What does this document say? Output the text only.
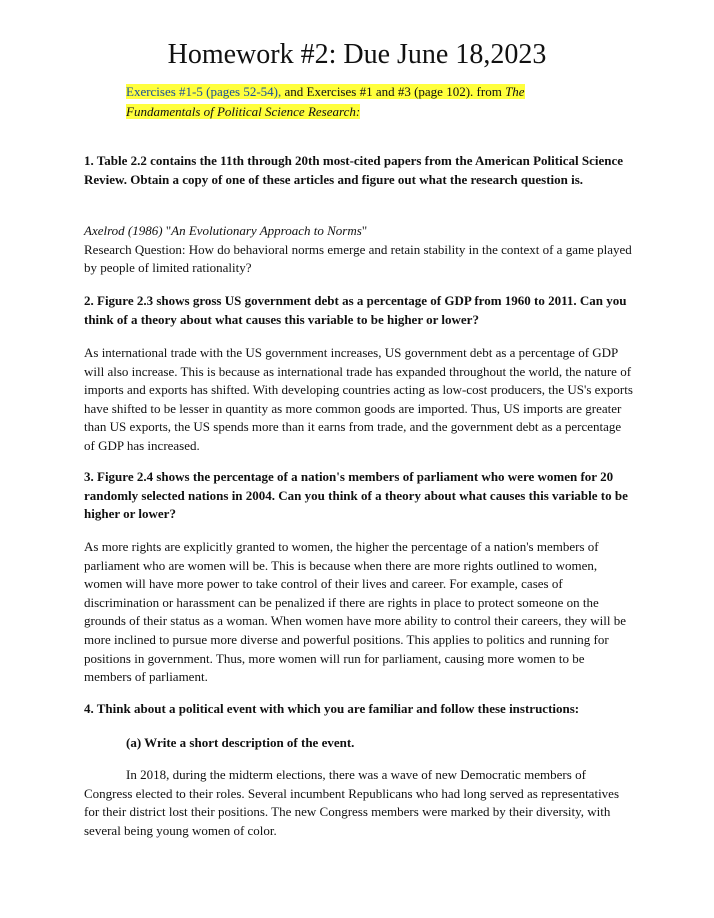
Homework #2: Due June 18,2023
Exercises #1-5 (pages 52-54), and Exercises #1 and #3 (page 102). from The Fundamentals of Political Science Research:

1. Table 2.2 contains the 11th through 20th most-cited papers from the American Political Science Review. Obtain a copy of one of these articles and figure out what the research question is.

Axelrod (1986) "An Evolutionary Approach to Norms"

Research Question: How do behavioral norms emerge and retain stability in the context of a game played by people of limited rationality?

2. Figure 2.3 shows gross US government debt as a percentage of GDP from 1960 to 2011. Can you think of a theory about what causes this variable to be higher or lower?

As international trade with the US government increases, US government debt as a percentage of GDP will also increase. This is because as international trade has expanded throughout the world, the nature of imports and exports has shifted. With developing countries acting as low-cost producers, the US's exports have shifted to be lesser in quantity as more common goods are imported. Thus, US imports are greater than US exports, the US spends more than it earns from trade, and the government debt as a percentage of GDP has increased.

3. Figure 2.4 shows the percentage of a nation's members of parliament who were women for 20 randomly selected nations in 2004. Can you think of a theory about what causes this variable to be higher or lower?

As more rights are explicitly granted to women, the higher the percentage of a nation's members of parliament who are women will be. This is because when there are more rights outlined to women, women will have more power to take control of their lives and career. For example, cases of discrimination or harassment can be penalized if there are rights in place to protect someone on the grounds of their status as a woman. When women have more ability to control their careers, they will be more inclined to pursue more diverse and powerful positions. This applies to politics and running for positions in government. Thus, more women will run for parliament, causing more women to be members of parliament.

4. Think about a political event with which you are familiar and follow these instructions:

(a) Write a short description of the event.

In 2018, during the midterm elections, there was a wave of new Democratic members of Congress elected to their roles. Several incumbent Republicans who had long served as representatives for their district lost their positions. The new Congress members were marked by their diversity, with several being young women of color.
